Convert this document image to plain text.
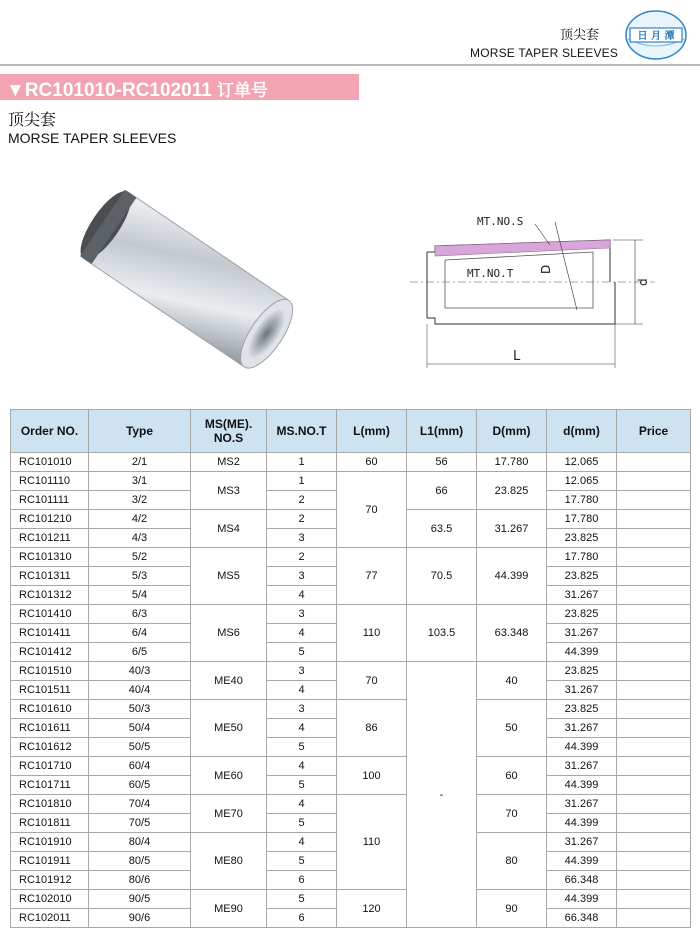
顶尖套
MORSE TAPER SLEEVES
日 月 潭
▼RC101010-RC102011 订单号
顶尖套
MORSE TAPER SLEEVES
MT.NO.S
MT.NO.T D
d
L
Order NO.	Type	MS(ME). NO.S	MS.NO.T	L(mm)	L1(mm)	D(mm)	d(mm)	Price
RC101010	2/1	MS2	1	60	56	17.780	12.065	
RC101110	3/1	MS3	1	70	66	23.825	12.065	
RC101111	3/2		2				17.780	
RC101210	4/2	MS4	2		63.5	31.267	17.780	
RC101211	4/3		3				23.825	
RC101310	5/2	MS5	2	77	70.5	44.399	17.780	
RC101311	5/3		3				23.825	
RC101312	5/4		4				31.267	
RC101410	6/3	MS6	3	110	103.5	63.348	23.825	
RC101411	6/4		4				31.267	
RC101412	6/5		5				44.399	
RC101510	40/3	ME40	3	70	-	40	23.825	
RC101511	40/4		4				31.267	
RC101610	50/3	ME50	3	86		50	23.825	
RC101611	50/4		4				31.267	
RC101612	50/5		5				44.399	
RC101710	60/4	ME60	4	100		60	31.267	
RC101711	60/5		5				44.399	
RC101810	70/4	ME70	4	110		70	31.267	
RC101811	70/5		5				44.399	
RC101910	80/4	ME80	4			80	31.267	
RC101911	80/5		5				44.399	
RC101912	80/6		6				66.348	
RC102010	90/5	ME90	5	120		90	44.399	
RC102011	90/6		6				66.348	
